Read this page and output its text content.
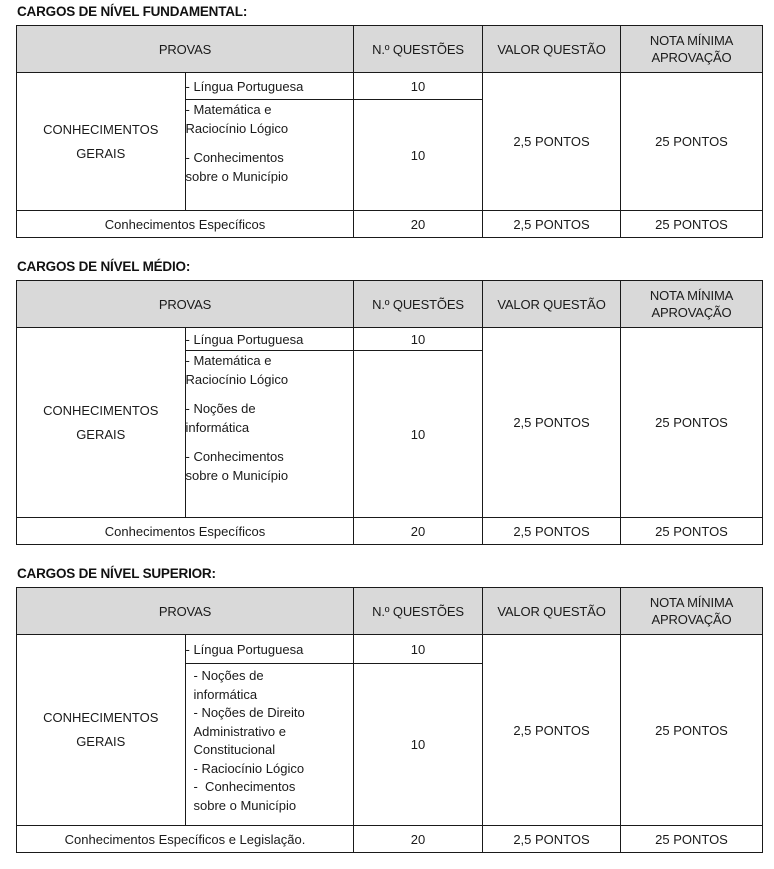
CARGOS DE NÍVEL FUNDAMENTAL:
PROVAS		N.º QUESTÕES	VALOR QUESTÃO	NOTA MÍNIMA APROVAÇÃO
CONHECIMENTOS GERAIS	- Língua Portuguesa	10	2,5 PONTOS	25 PONTOS

	- Matemática e
Raciocínio Lógico
- Conhecimentos
sobre o Município	10		
Conhecimentos Específicos		20	2,5 PONTOS	25 PONTOS
CARGOS DE NÍVEL MÉDIO:
PROVAS		N.º QUESTÕES	VALOR QUESTÃO	NOTA MÍNIMA APROVAÇÃO
CONHECIMENTOS GERAIS	- Língua Portuguesa	10	2,5 PONTOS	25 PONTOS

- Matemática e
Raciocínio Lógico
- Noções de
informática
- Conhecimentos
sobre o Município
	10
Conhecimentos Específicos		20	2,5 PONTOS	25 PONTOS
CARGOS DE NÍVEL SUPERIOR:
PROVAS		N.º QUESTÕES	VALOR QUESTÃO	NOTA MÍNIMA APROVAÇÃO
CONHECIMENTOS GERAIS	- Língua Portuguesa	10	2,5 PONTOS	25 PONTOS

- Noções de
informática
- Noções de Direito
Administrativo e
Constitucional
- Raciocínio Lógico
-  Conhecimentos
sobre o Município
	10
Conhecimentos Específicos e Legislação.		20	2,5 PONTOS	25 PONTOS
